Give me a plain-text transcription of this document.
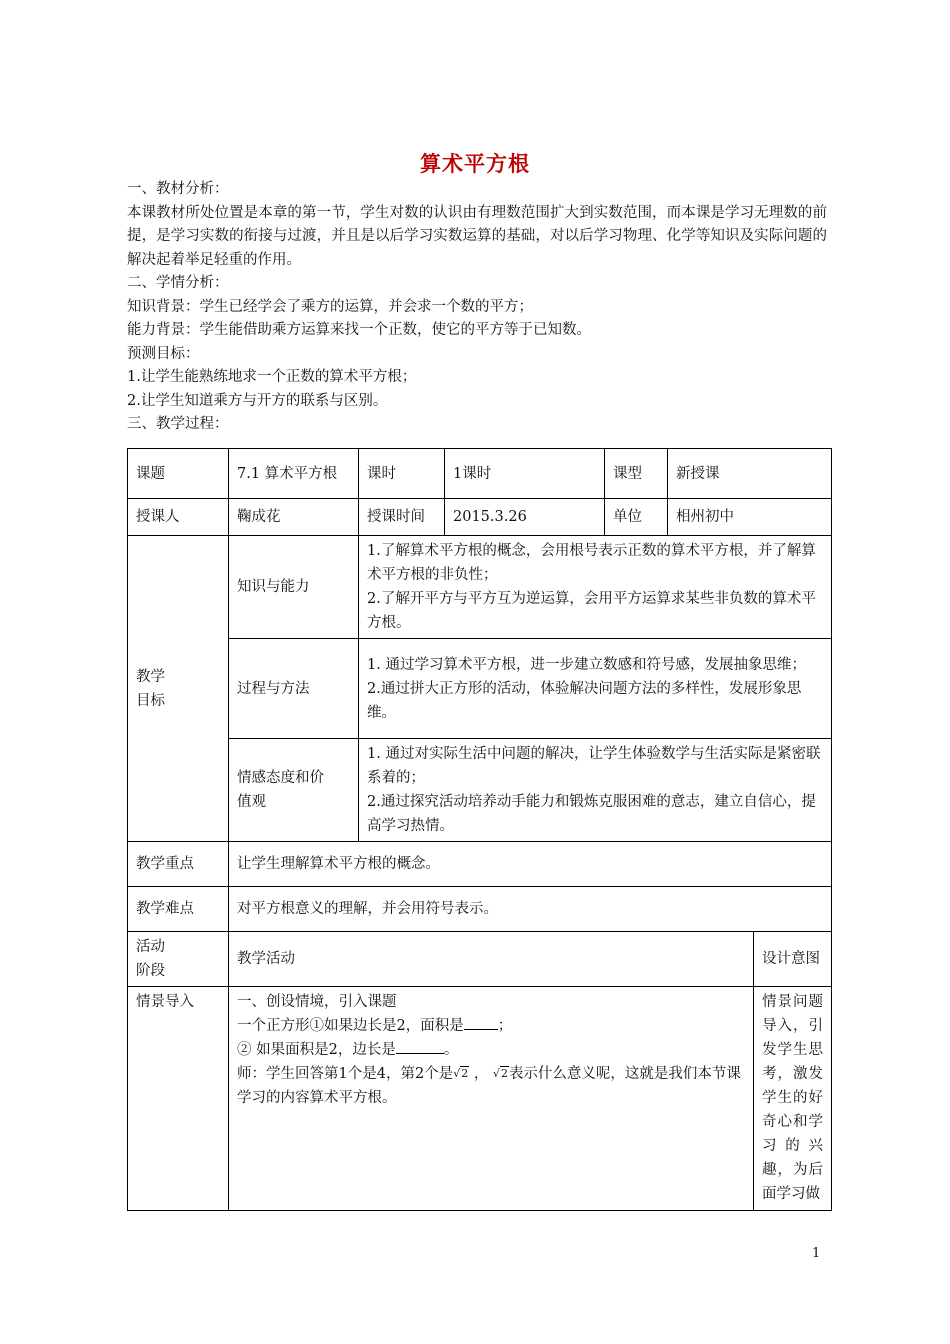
算术平方根

一、教材分析：

本课教材所处位置是本章的第一节，学生对数的认识由有理数范围扩大到实数范围，而本课是学习无理数的前提，是学习实数的衔接与过渡，并且是以后学习实数运算的基础，对以后学习物理、化学等知识及实际问题的解决起着举足轻重的作用。

二、学情分析：

知识背景：学生已经学会了乘方的运算，并会求一个数的平方；

能力背景：学生能借助乘方运算来找一个正数，使它的平方等于已知数。

预测目标：

1.让学生能熟练地求一个正数的算术平方根；

2.让学生知道乘方与开方的联系与区别。

三、教学过程：

课题	7.1 算术平方根	课时	1课时	课型	新授课	
授课人	鞠成花	授课时间	2015.3.26	单位	相州初中	

教学目标	知识与能力	1.了解算术平方根的概念，会用根号表示正数的算术平方根，并了解算术平方根的非负性；
2.了解开平方与平方互为逆运算，会用平方运算求某些非负数的算术平方根。				

	过程与方法	1. 通过学习算术平方根，进一步建立数感和符号感，发展抽象思维；
2.通过拼大正方形的活动，体验解决问题方法的多样性，发展形象思维。				

	情感态度和价值观	1. 通过对实际生活中问题的解决，让学生体验数学与生活实际是紧密联系着的；
2.通过探究活动培养动手能力和锻炼克服困难的意志，建立自信心，提高学习热情。				

教学重点	让学生理解算术平方根的概念。					
教学难点	对平方根意义的理解，并会用符号表示。					

活动阶段	教学活动					设计意图
情景导入	一、创设情境，引入课题
一个正方形①如果边长是2，面积是 ；
② 如果面积是2，边长是 。
师：学生回答第1个是4，第2个是√2 ， √2表示什么意义呢，这就是我们本节课学习的内容算术平方根。					情景问题导入，引发学生思考，激发学生的好奇心和学习的兴趣，为后面学习做
1
